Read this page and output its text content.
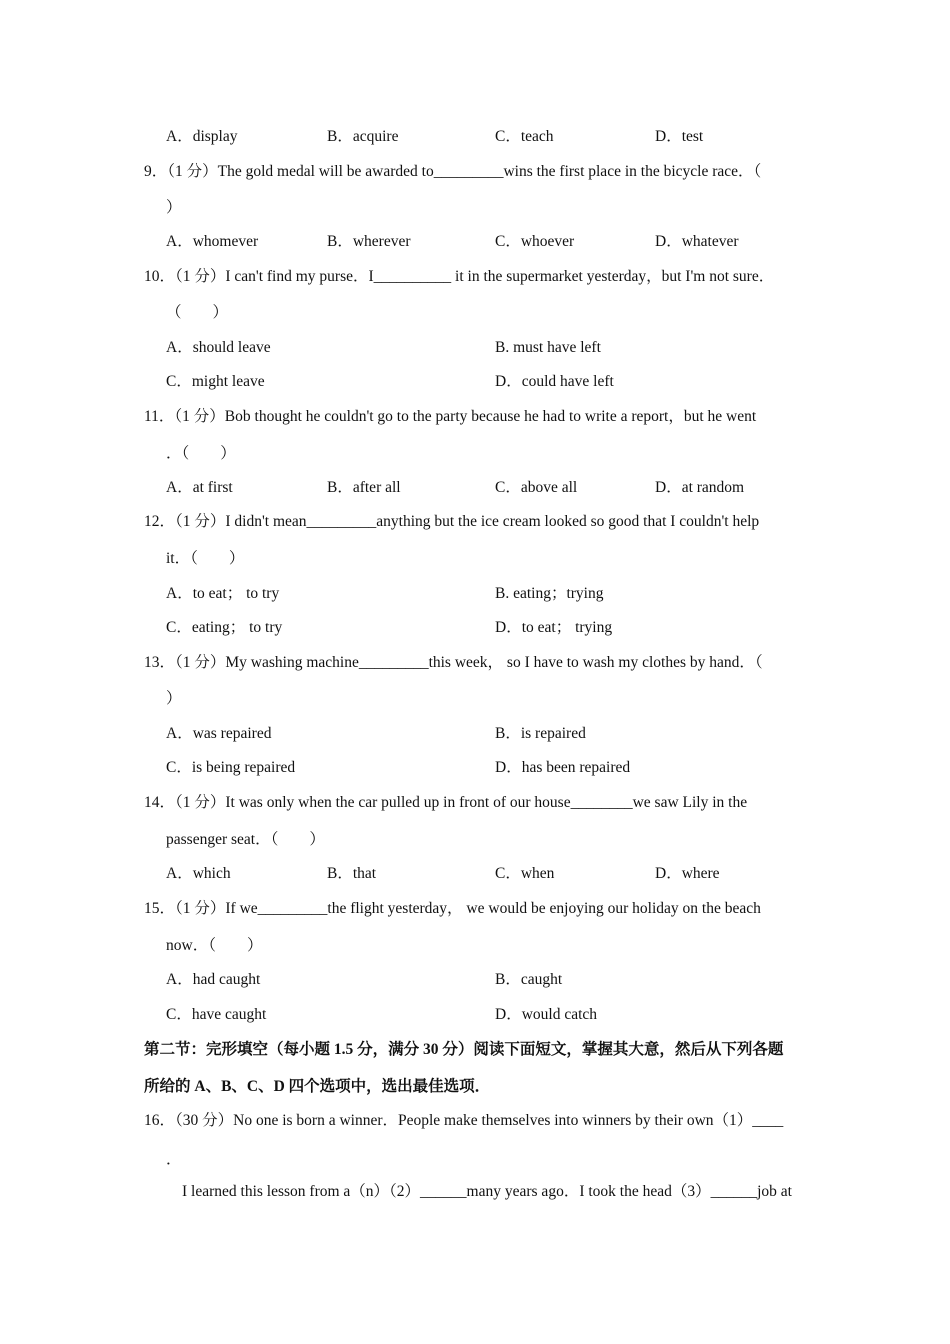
A．display	B．acquire	C．teach	D．test
9．（1 分）The gold medal will be awarded to_________wins the first place in the bicycle race．（
）
A．whomever	B．wherever	C．whoever	D．whatever
10．（1 分）I can't find my purse．I__________ it in the supermarket yesterday，but I'm not sure．
（　　）
A．should leave	B. must have left
C．might leave	D．could have left
11．（1 分）Bob thought he couldn't go to the party because he had to write a report，but he went
．（　　）
A．at first	B．after all	C．above all	D．at random
12．（1 分）I didn't mean_________anything but the ice cream looked so good that I couldn't help
it．（　　）
A．to eat； to try	B. eating；trying
C．eating； to try	D．to eat； trying
13．（1 分）My washing machine_________this week， so I have to wash my clothes by hand．（
）
A．was repaired	B．is repaired
C．is being repaired	D．has been repaired
14．（1 分）It was only when the car pulled up in front of our house________we saw Lily in the
passenger seat．（　　）
A．which	B．that	C．when	D．where
15．（1 分）If we_________the flight yesterday， we would be enjoying our holiday on the beach
now．（　　）
A．had caught	B．caught
C．have caught	D．would catch
第二节：完形填空（每小题 1.5 分，满分 30 分）阅读下面短文，掌握其大意，然后从下列各题
所给的 A、B、C、D 四个选项中，选出最佳选项．
16．（30 分）No one is born a winner．People make themselves into winners by their own（1）____
．
I learned this lesson from a（n）（2）______many years ago．I took the head（3）______job at
